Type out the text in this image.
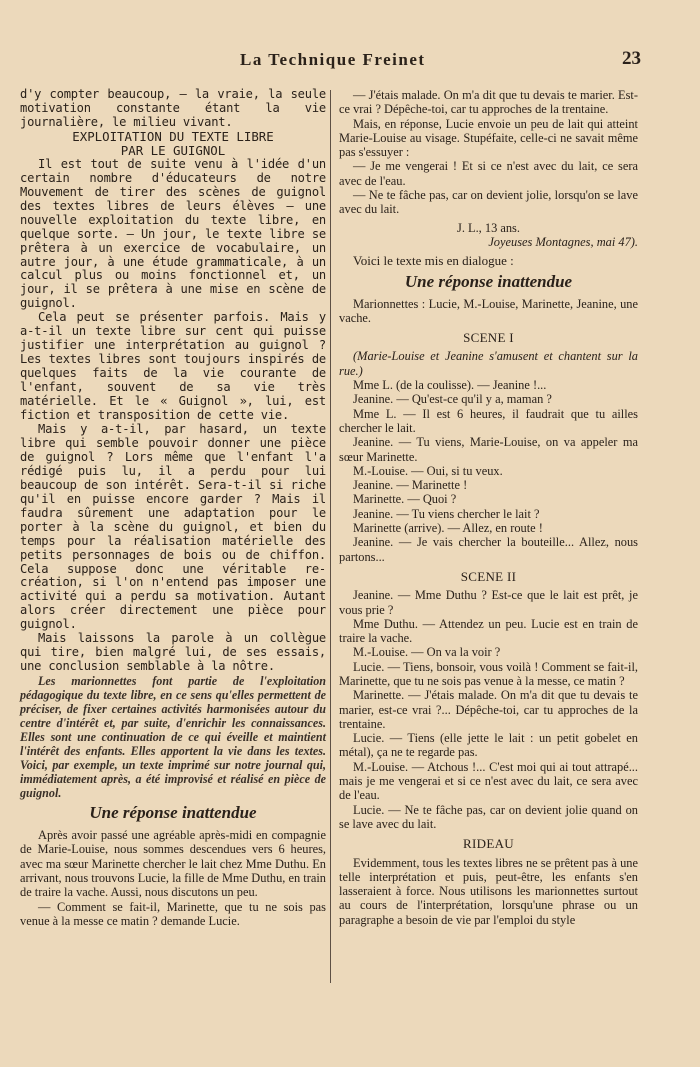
La Technique Freinet	23

d'y compter beaucoup, — la vraie, la seule motivation constante étant la vie journalière, le milieu vivant.

EXPLOITATION DU TEXTE LIBRE

PAR LE GUIGNOL

Il est tout de suite venu à l'idée d'un certain nombre d'éducateurs de notre Mouvement de tirer des scènes de guignol des textes libres de leurs élèves — une nouvelle exploitation du texte libre, en quelque sorte. — Un jour, le texte libre se prêtera à un exercice de vocabulaire, un autre jour, à une étude grammaticale, à un calcul plus ou moins fonctionnel et, un jour, il se prêtera à une mise en scène de guignol.

Cela peut se présenter parfois. Mais y a-t-il un texte libre sur cent qui puisse justifier une interprétation au guignol ? Les textes libres sont toujours inspirés de quelques faits de la vie courante de l'enfant, souvent de sa vie très matérielle. Et le « Guignol », lui, est fiction et transposition de cette vie.

Mais y a-t-il, par hasard, un texte libre qui semble pouvoir donner une pièce de guignol ? Lors même que l'enfant l'a rédigé puis lu, il a perdu pour lui beaucoup de son intérêt. Sera-t-il si riche qu'il en puisse encore garder ? Mais il faudra sûrement une adaptation pour le porter à la scène du guignol, et bien du temps pour la réalisation matérielle des petits personnages de bois ou de chiffon. Cela suppose donc une véritable re-création, si l'on n'entend pas imposer une activité qui a perdu sa motivation. Autant alors créer directement une pièce pour guignol.

Mais laissons la parole à un collègue qui tire, bien malgré lui, de ses essais, une conclusion semblable à la nôtre.

Les marionnettes font partie de l'exploitation pédagogique du texte libre, en ce sens qu'elles permettent de préciser, de fixer certaines activités harmonisées autour du centre d'intérêt et, par suite, d'enrichir les connaissances. Elles sont une continuation de ce qui éveille et maintient l'intérêt des enfants. Elles apportent la vie dans les textes. Voici, par exemple, un texte imprimé sur notre journal qui, immédiatement après, a été improvisé et réalisé en pièce de guignol.

Une réponse inattendue

Après avoir passé une agréable après-midi en compagnie de Marie-Louise, nous sommes descendues vers 6 heures, avec ma sœur Marinette chercher le lait chez Mme Duthu. En arrivant, nous trouvons Lucie, la fille de Mme Duthu, en train de traire la vache. Aussi, nous discutons un peu.

— Comment se fait-il, Marinette, que tu ne sois pas venue à la messe ce matin ? demande Lucie.

— J'étais malade. On m'a dit que tu devais te marier. Est-ce vrai ? Dépêche-toi, car tu approches de la trentaine.

Mais, en réponse, Lucie envoie un peu de lait qui atteint Marie-Louise au visage. Stupéfaite, celle-ci ne savait même pas s'essuyer :

— Je me vengerai ! Et si ce n'est avec du lait, ce sera avec de l'eau.

— Ne te fâche pas, car on devient jolie, lorsqu'on se lave avec du lait.

J. L., 13 ans.

Joyeuses Montagnes, mai 47).

Voici le texte mis en dialogue :

Une réponse inattendue

Marionnettes : Lucie, M.-Louise, Marinette, Jeanine, une vache.

SCENE I

(Marie-Louise et Jeanine s'amusent et chantent sur la rue.)

Mme L. (de la coulisse). — Jeanine !...

Jeanine. — Qu'est-ce qu'il y a, maman ?

Mme L. — Il est 6 heures, il faudrait que tu ailles chercher le lait.

Jeanine. — Tu viens, Marie-Louise, on va appeler ma sœur Marinette.

M.-Louise. — Oui, si tu veux.

Jeanine. — Marinette !

Marinette. — Quoi ?

Jeanine. — Tu viens chercher le lait ?

Marinette (arrive). — Allez, en route !

Jeanine. — Je vais chercher la bouteille... Allez, nous partons...

SCENE II

Jeanine. — Mme Duthu ? Est-ce que le lait est prêt, je vous prie ?

Mme Duthu. — Attendez un peu. Lucie est en train de traire la vache.

M.-Louise. — On va la voir ?

Lucie. — Tiens, bonsoir, vous voilà ! Comment se fait-il, Marinette, que tu ne sois pas venue à la messe, ce matin ?

Marinette. — J'étais malade. On m'a dit que tu devais te marier, est-ce vrai ?... Dépêche-toi, car tu approches de la trentaine.

Lucie. — Tiens (elle jette le lait : un petit gobelet en métal), ça ne te regarde pas.

M.-Louise. — Atchous !... C'est moi qui ai tout attrapé... mais je me vengerai et si ce n'est avec du lait, ce sera avec de l'eau.

Lucie. — Ne te fâche pas, car on devient jolie quand on se lave avec du lait.

RIDEAU

Evidemment, tous les textes libres ne se prêtent pas à une telle interprétation et puis, peut-être, les enfants s'en lasseraient à force. Nous utilisons les marionnettes surtout au cours de l'interprétation, lorsqu'une phrase ou un paragraphe a besoin de vie par l'emploi du style
